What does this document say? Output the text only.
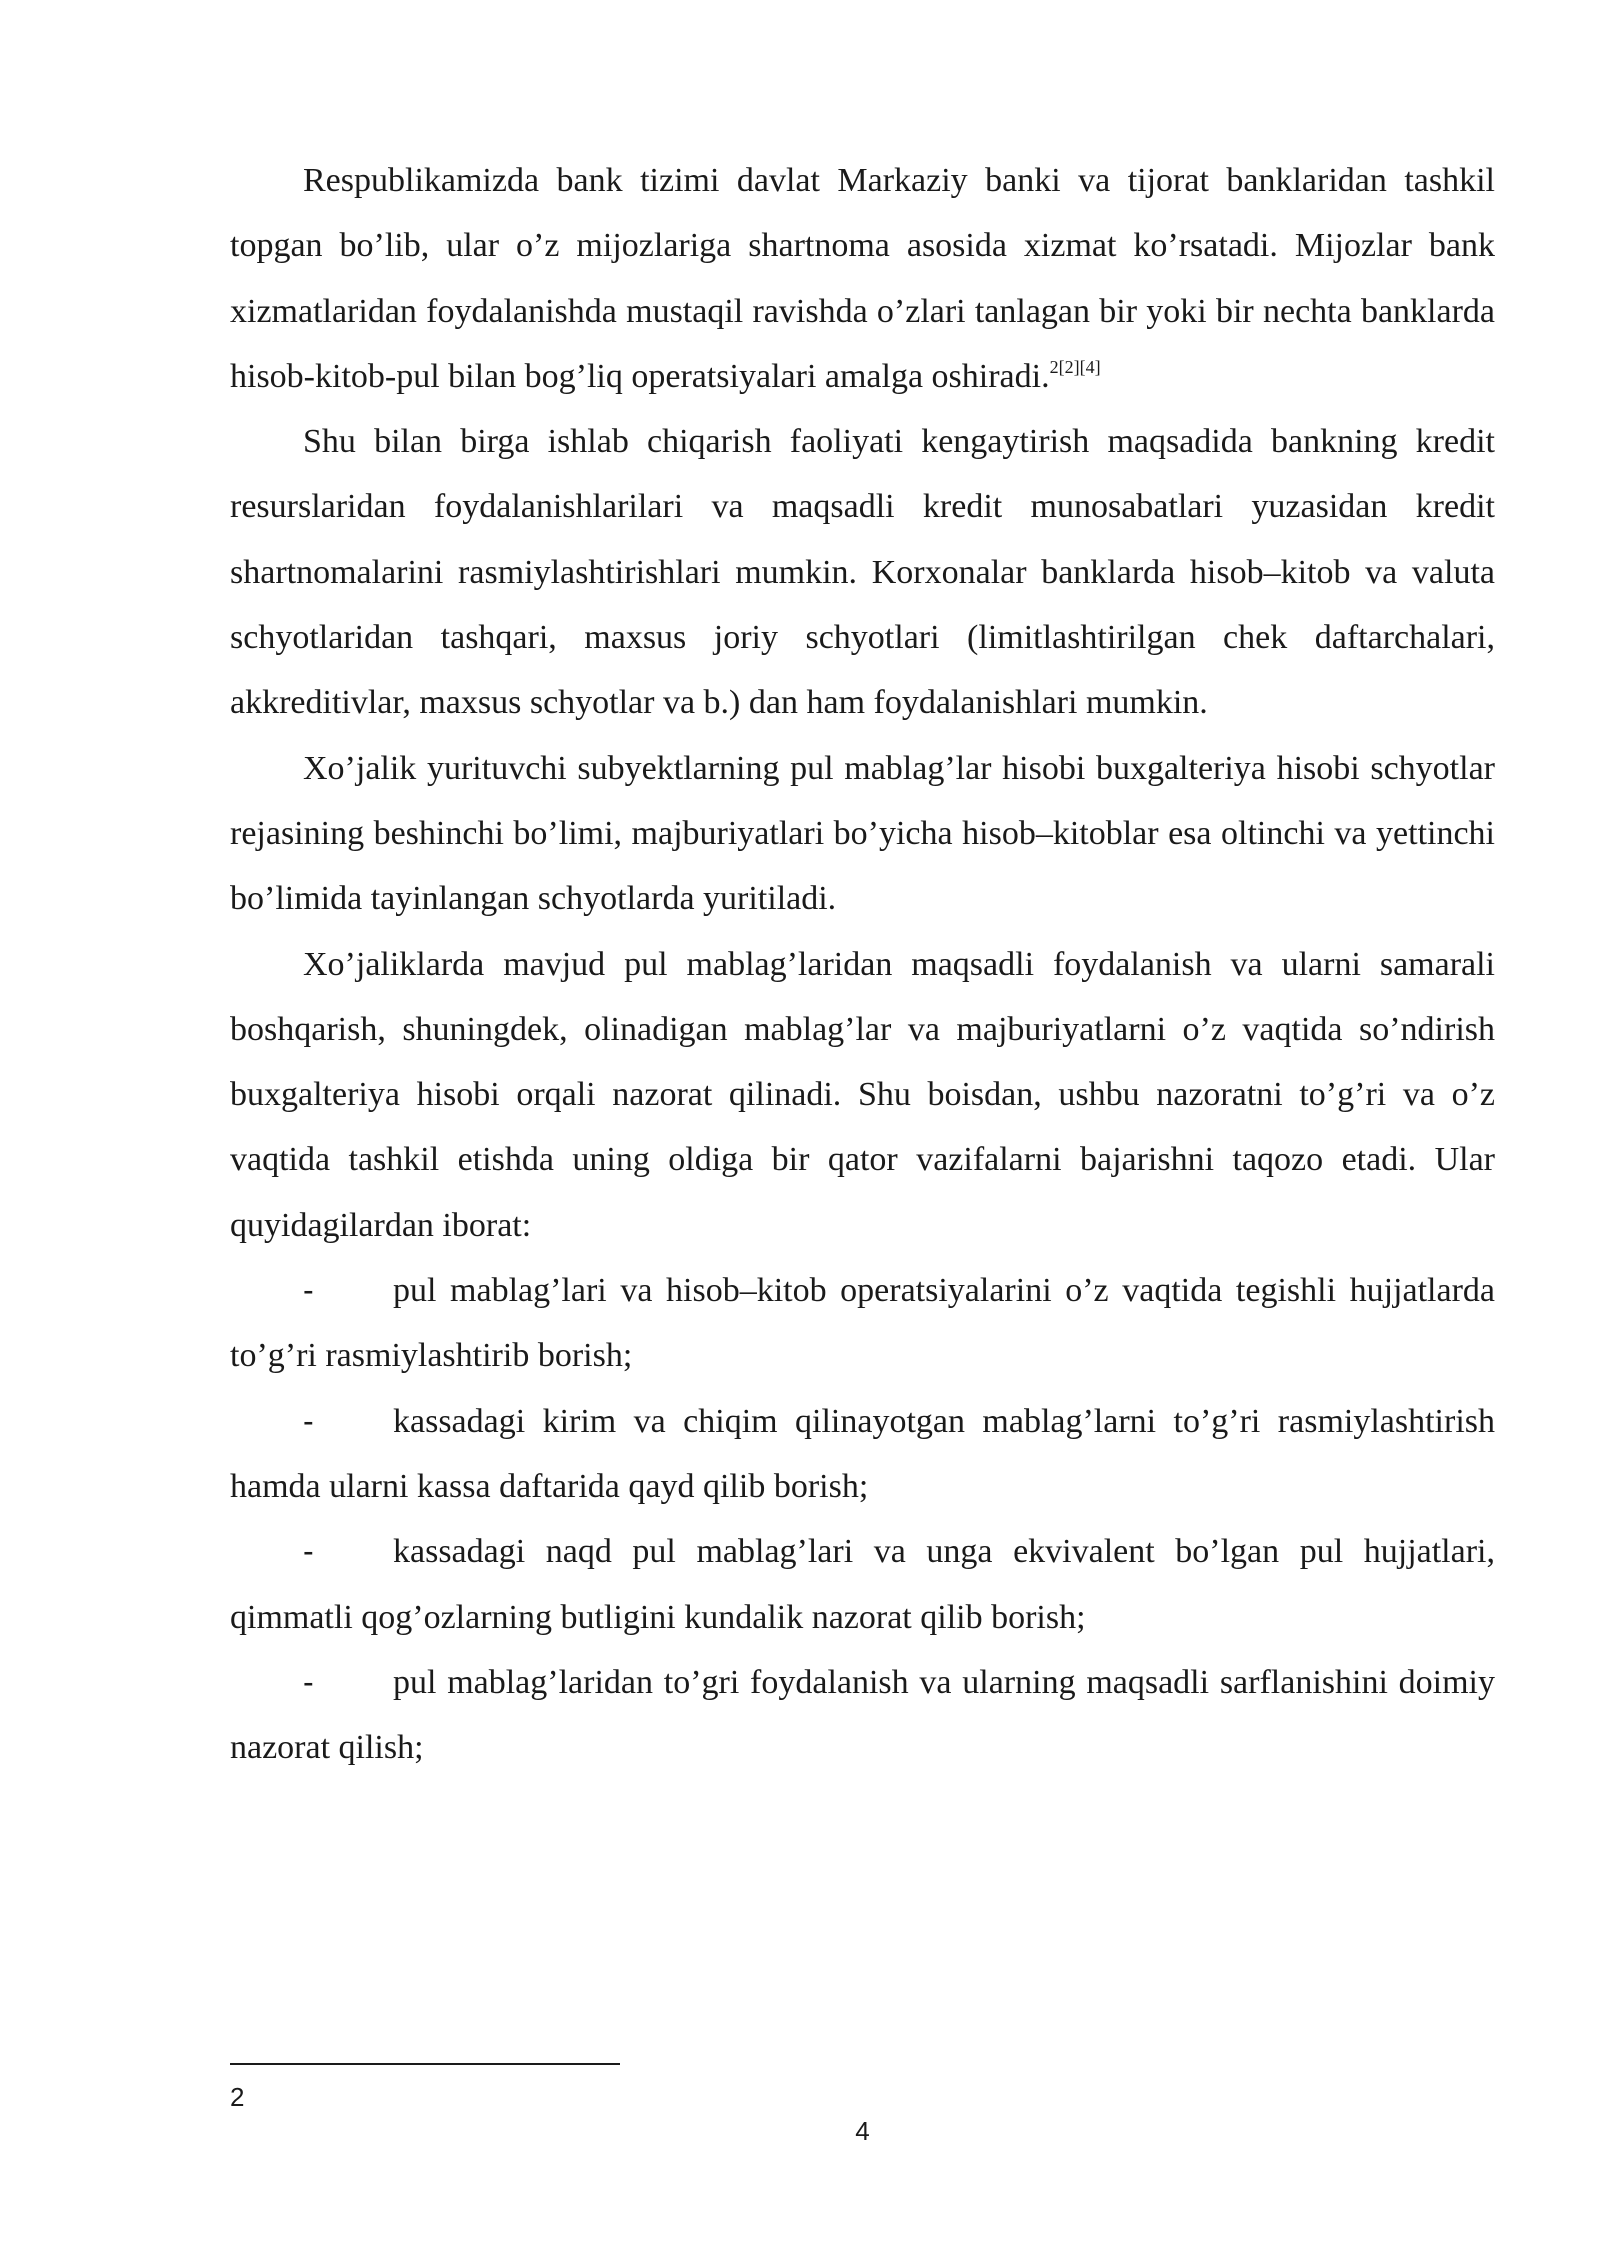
Respublikamizda bank tizimi davlat Markaziy banki va tijorat banklaridan tashkil topgan bo’lib, ular o’z mijozlariga shartnoma asosida xizmat ko’rsatadi. Mijozlar bank xizmatlaridan foydalanishda mustaqil ravishda o’zlari tanlagan bir yoki bir nechta banklarda hisob-kitob-pul bilan bog’liq operatsiyalari amalga oshiradi.$^{2[2][4]}$

Shu bilan birga ishlab chiqarish faoliyati kengaytirish maqsadida bankning kredit resurslaridan foydalanishlarilari va maqsadli kredit munosabatlari yuzasidan kredit shartnomalarini rasmiylashtirishlari mumkin. Korxonalar banklarda hisob–kitob va valuta schyotlaridan tashqari, maxsus joriy schyotlari (limitlashtirilgan chek daftarchalari, akkreditivlar, maxsus schyotlar va b.) dan ham foydalanishlari mumkin.

Xo’jalik yurituvchi subyektlarning pul mablag’lar hisobi buxgalteriya hisobi schyotlar rejasining beshinchi bo’limi, majburiyatlari bo’yicha hisob–kitoblar esa oltinchi va yettinchi bo’limida tayinlangan schyotlarda yuritiladi.

Xo’jaliklarda mavjud pul mablag’laridan maqsadli foydalanish va ularni samarali boshqarish, shuningdek, olinadigan mablag’lar va majburiyatlarni o’z vaqtida so’ndirish buxgalteriya hisobi orqali nazorat qilinadi. Shu boisdan, ushbu nazoratni to’g’ri va o’z vaqtida tashkil etishda uning oldiga bir qator vazifalarni bajarishni taqozo etadi. Ular quyidagilardan iborat:

- pul mablag’lari va hisob–kitob operatsiyalarini o’z vaqtida tegishli hujjatlarda to’g’ri rasmiylashtirib borish;

- kassadagi kirim va chiqim qilinayotgan mablag’larni to’g’ri rasmiylashtirish hamda ularni kassa daftarida qayd qilib borish;

- kassadagi naqd pul mablag’lari va unga ekvivalent bo’lgan pul hujjatlari, qimmatli qog’ozlarning butligini kundalik nazorat qilib borish;

- pul mablag’laridan to’gri foydalanish va ularning maqsadli sarflanishini doimiy nazorat qilish;

2
4
